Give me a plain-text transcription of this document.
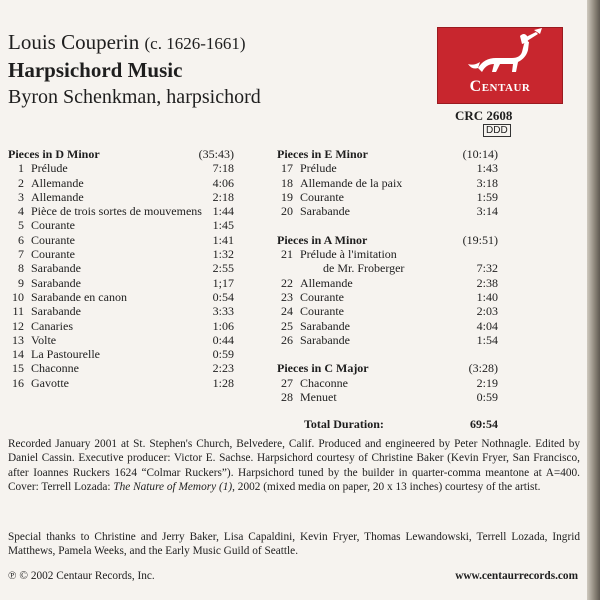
Louis Couperin (c. 1626-1661)
Harpsichord Music
Byron Schenkman, harpsichord	Centaur
CRC 2608
DDD
Pieces in D Minor	(35:43)
1 Prélude	7:18
2 Allemande	4:06
3 Allemande	2:18
4 Pièce de trois sortes de mouvemens 1:44
5 Courante	1:45
6 Courante	1:41
7 Courante	1:32
8 Sarabande	2:55
9 Sarabande	1;17
10 Sarabande en canon	0:54
11 Sarabande	3:33
12 Canaries	1:06
13 Volte	0:44
14 La Pastourelle	0:59
15 Chaconne	2:23
16 Gavotte	1:28
Pieces in E Minor	(10:14)
17 Prélude	1:43
18 Allemande de la paix	3:18
19 Courante	1:59
20 Sarabande	3:14
Pieces in A Minor	(19:51)
21 Prélude à l'imitation
de Mr. Froberger	7:32
22 Allemande	2:38
23 Courante	1:40
24 Courante	2:03
25 Sarabande	4:04
26 Sarabande	1:54
Pieces in C Major	(3:28)
27 Chaconne	2:19
28 Menuet	0:59
Total Duration:	69:54
Recorded January 2001 at St. Stephen's Church, Belvedere, Calif. Produced and engineered by Peter Nothnagle. Edited by Daniel Cassin. Executive producer: Victor E. Sachse. Harpsichord courtesy of Christine Baker (Kevin Fryer, San Francisco, after Ioannes Ruckers 1624 “Colmar Ruckers”). Harpsichord tuned by the builder in quarter-comma meantone at A=400. Cover: Terrell Lozada: The Nature of Memory (1), 2002 (mixed media on paper, 20 x 13 inches) courtesy of the artist.
Special thanks to Christine and Jerry Baker, Lisa Capaldini, Kevin Fryer, Thomas Lewandowski, Terrell Lozada, Ingrid Matthews, Pamela Weeks, and the Early Music Guild of Seattle.
℗ © 2002 Centaur Records, Inc.	www.centaurrecords.com
